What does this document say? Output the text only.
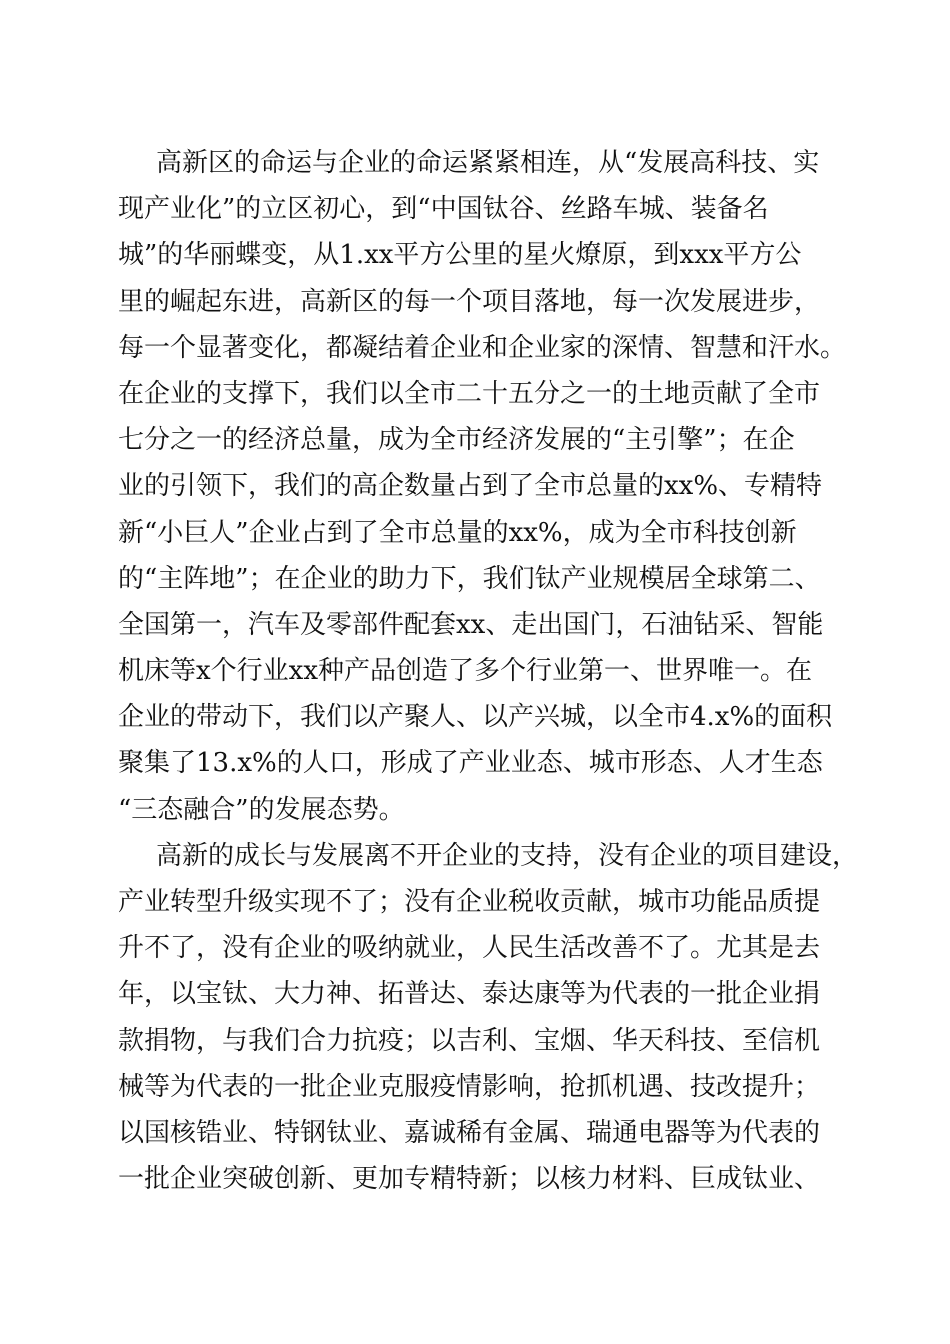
高新区的命运与企业的命运紧紧相连，从“发展高科技、实
现产业化”的立区初心，到“中国钛谷、丝路车城、装备名
城”的华丽蝶变，从1.xx平方公里的星火燎原，到xxx平方公
里的崛起东进，高新区的每一个项目落地，每一次发展进步，
每一个显著变化，都凝结着企业和企业家的深情、智慧和汗水。
在企业的支撑下，我们以全市二十五分之一的土地贡献了全市
七分之一的经济总量，成为全市经济发展的“主引擎”；在企
业的引领下，我们的高企数量占到了全市总量的xx%、专精特
新“小巨人”企业占到了全市总量的xx%，成为全市科技创新
的“主阵地”；在企业的助力下，我们钛产业规模居全球第二、
全国第一，汽车及零部件配套xx、走出国门，石油钻采、智能
机床等x个行业xx种产品创造了多个行业第一、世界唯一。在
企业的带动下，我们以产聚人、以产兴城，以全市4.x%的面积
聚集了13.x%的人口，形成了产业业态、城市形态、人才生态
“三态融合”的发展态势。
高新的成长与发展离不开企业的支持，没有企业的项目建设，
产业转型升级实现不了；没有企业税收贡献，城市功能品质提
升不了，没有企业的吸纳就业，人民生活改善不了。尤其是去
年，以宝钛、大力神、拓普达、泰达康等为代表的一批企业捐
款捐物，与我们合力抗疫；以吉利、宝烟、华天科技、至信机
械等为代表的一批企业克服疫情影响，抢抓机遇、技改提升；
以国核锆业、特钢钛业、嘉诚稀有金属、瑞通电器等为代表的
一批企业突破创新、更加专精特新；以核力材料、巨成钛业、
